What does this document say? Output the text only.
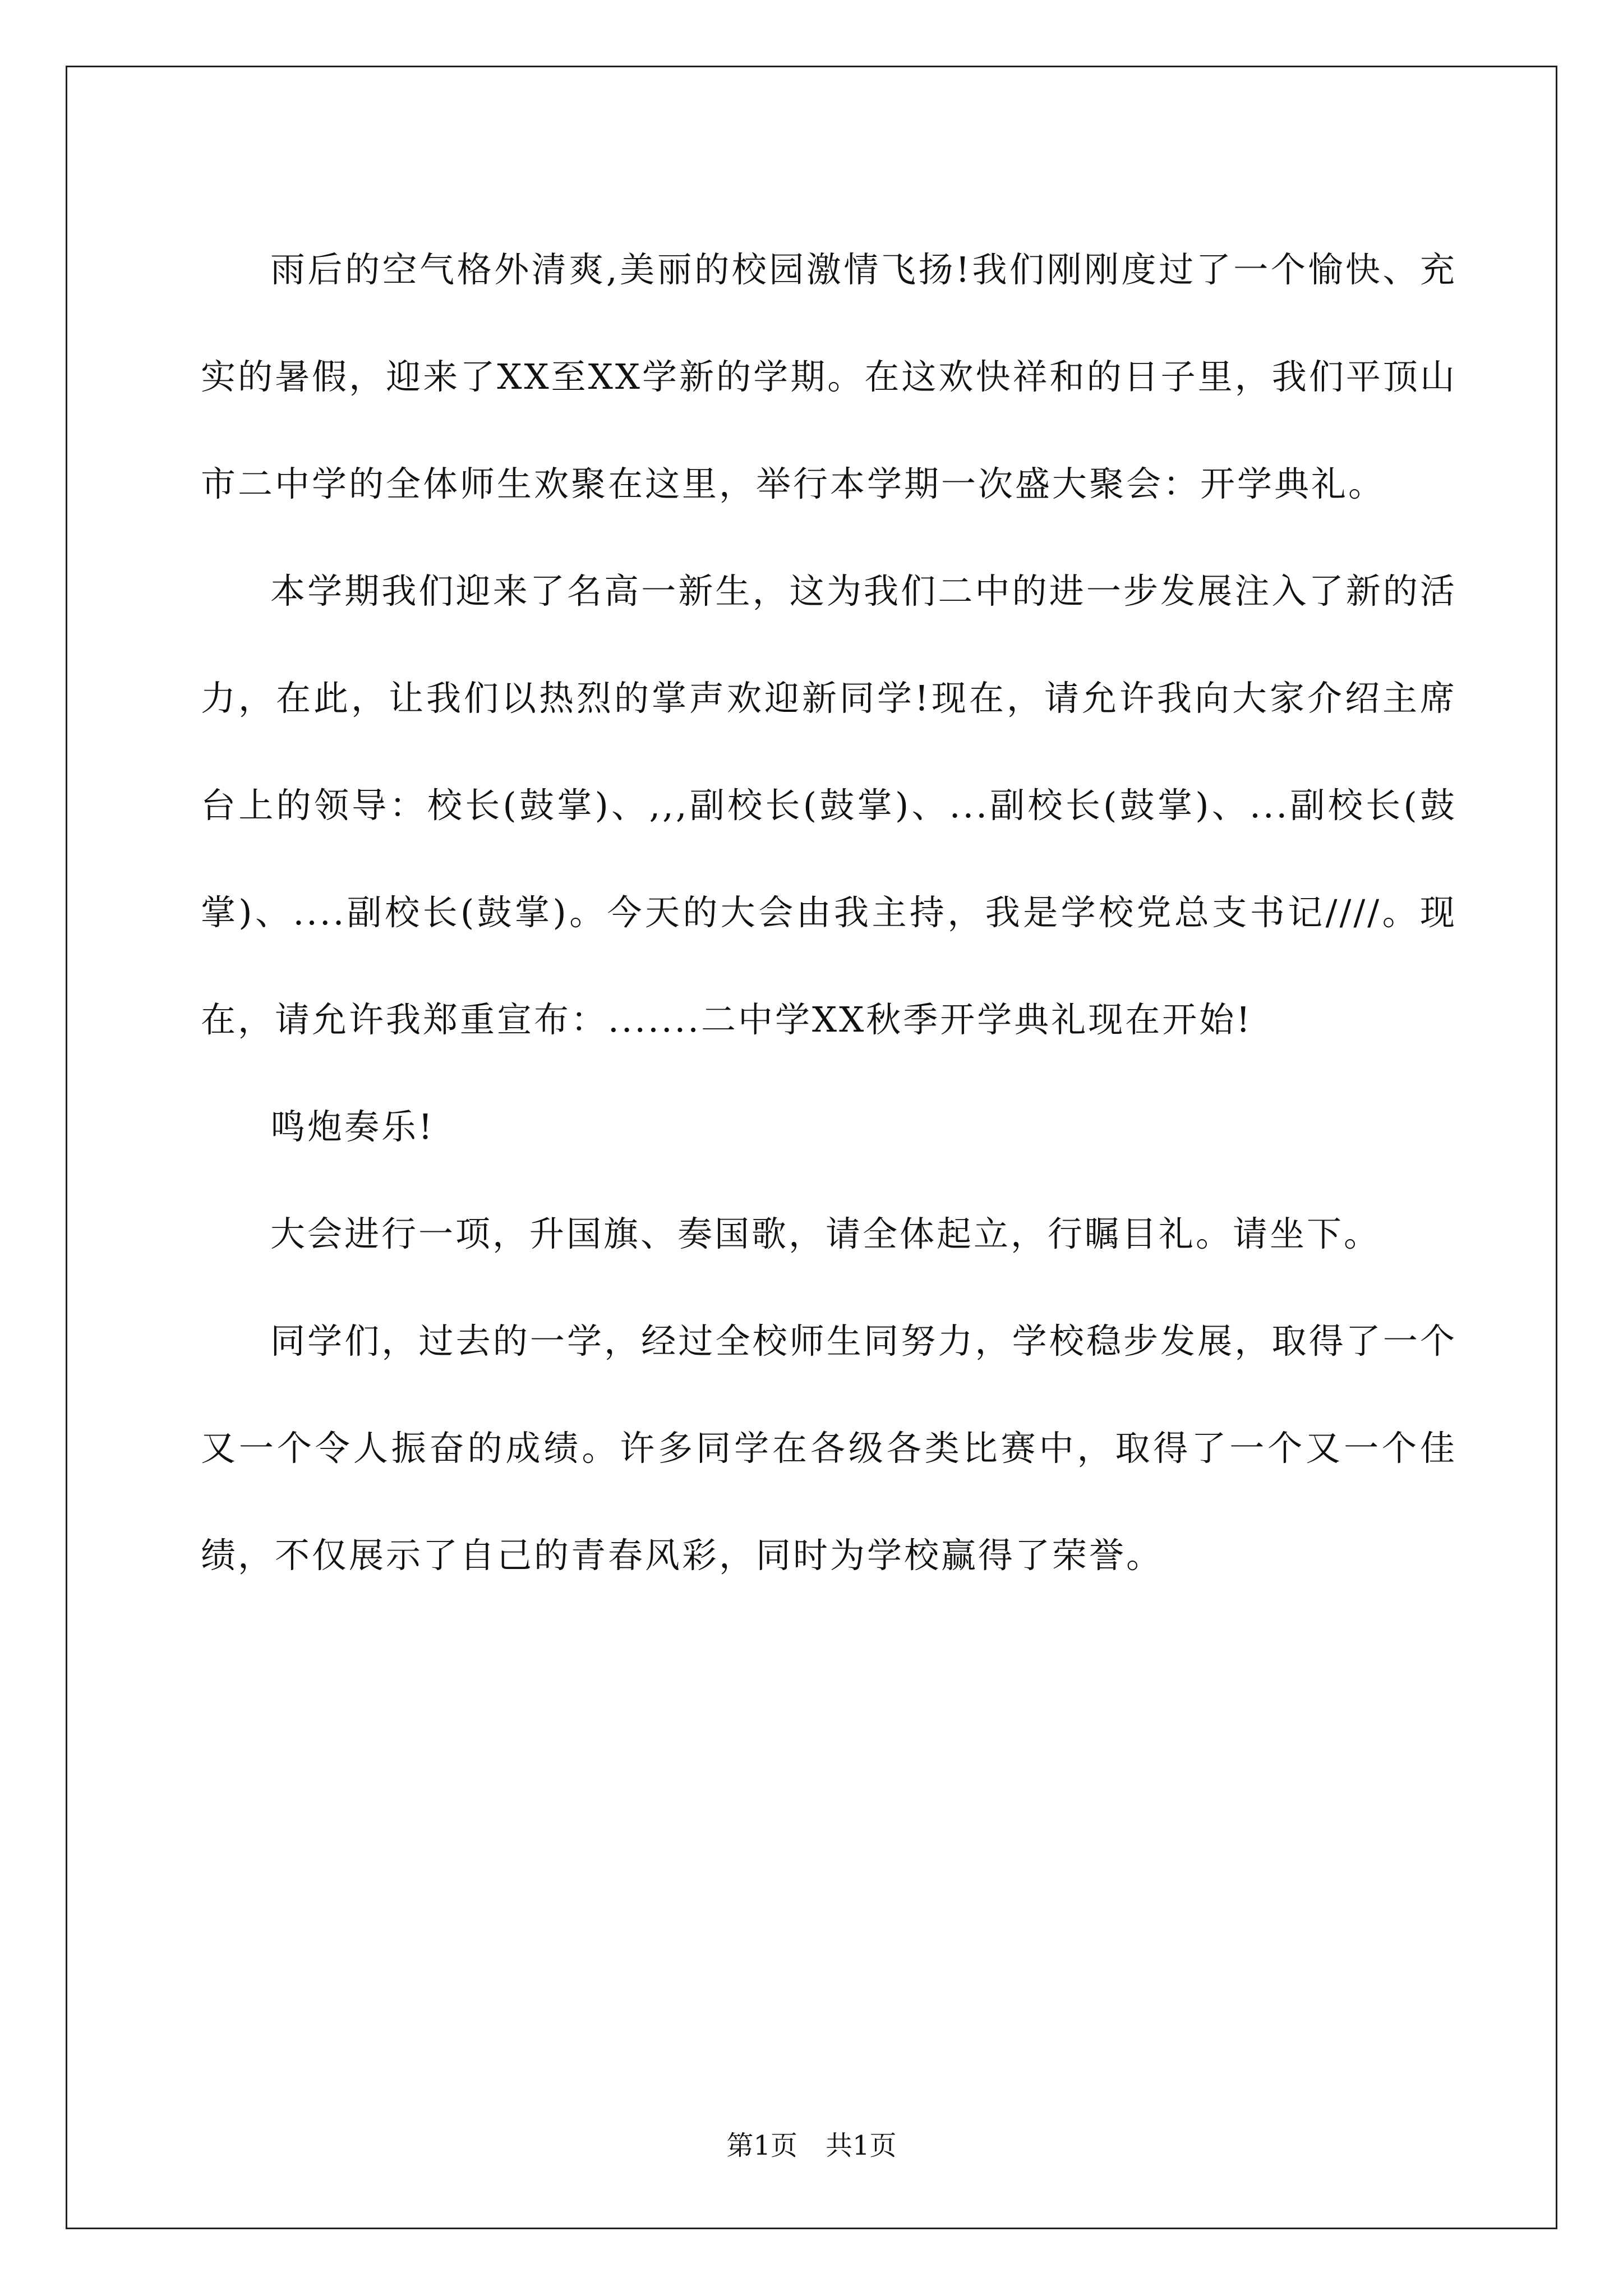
雨后的空气格外清爽,美丽的校园激情飞扬!我们刚刚度过了一个愉快、充实的暑假，迎来了XX至XX学新的学期。在这欢快祥和的日子里，我们平顶山市二中学的全体师生欢聚在这里，举行本学期一次盛大聚会：开学典礼。

本学期我们迎来了名高一新生，这为我们二中的进一步发展注入了新的活力，在此，让我们以热烈的掌声欢迎新同学!现在，请允许我向大家介绍主席台上的领导：校长(鼓掌)、,,,副校长(鼓掌)、...副校长(鼓掌)、...副校长(鼓掌)、....副校长(鼓掌)。今天的大会由我主持，我是学校党总支书记////。现在，请允许我郑重宣布：.......二中学XX秋季开学典礼现在开始!

鸣炮奏乐!

大会进行一项，升国旗、奏国歌，请全体起立，行瞩目礼。请坐下。

同学们，过去的一学，经过全校师生同努力，学校稳步发展，取得了一个又一个令人振奋的成绩。许多同学在各级各类比赛中，取得了一个又一个佳绩，不仅展示了自己的青春风彩，同时为学校赢得了荣誉。

第1页 共1页
